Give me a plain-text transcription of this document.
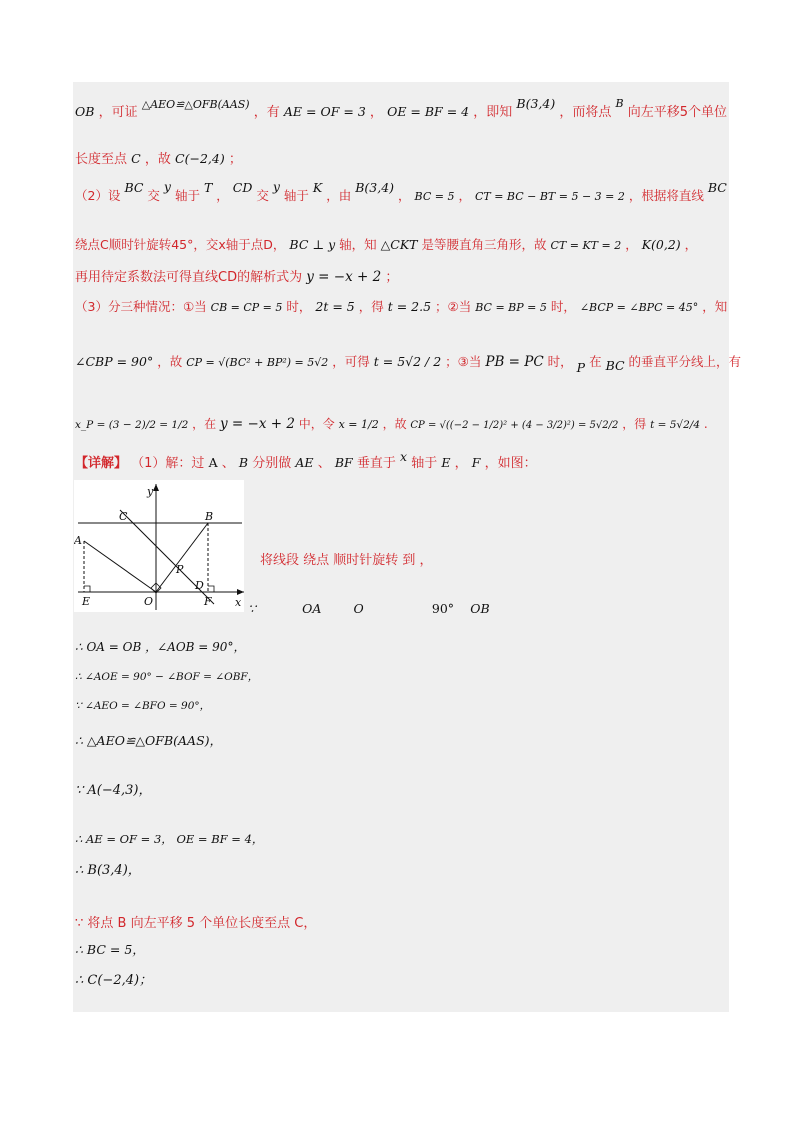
OB ，可证 $^{\triangle AEO≌\triangle OFB(AAS)}$ ，有 AE = OF = 3 ， OE = BF = 4 ，即知 B(3,4) ，而将点 $^B$ 向左平移5个单位
长度至点 C ，故 C(−2,4) ；
（2）设 BC 交 y 轴于 T ， CD 交 y 轴于 K ，由 B(3,4) ， BC = 5 ， CT = BC − BT = 5 − 3 = 2 ，根据将直线 BC
绕点C顺时针旋转45°，交x轴于点D， BC ⊥ y 轴，知 △CKT 是等腰直角三角形，故 CT = KT = 2 ， K(0,2) ，
再用待定系数法可得直线CD的解析式为 y = −x + 2 ；
（3）分三种情况：①当 CB = CP = 5 时， 2t = 5 ，得 t = 2.5 ；②当 BC = BP = 5 时， ∠BCP = ∠BPC = 45° ，知
∠CBP = 90° ，故 CP = √(BC² + BP²) = 5√2 ，可得 t = 5√2 / 2 ；③当 PB = PC 时， P 在 BC 的垂直平分线上，有
x_P = (3 − 2)/2 = 1/2 ，在 y = −x + 2 中，令 x = 1/2 ，故 CP = √((−2 − 1/2)² + (4 − 3/2)²) = 5√2/2 ，得 t = 5√2/4 .
【详解】 （1）解：过 A 、 B 分别做 AE 、 BF 垂直于 x 轴于 E ， F ，如图：
y
x
C	B
A
P
D
E	O	F
将线段 绕点 顺时针旋转 到 ，
∵	OA	O	90° OB
∴ OA = OB ，∠AOB = 90°，
∴ ∠AOE = 90° − ∠BOF = ∠OBF，
∵ ∠AEO = ∠BFO = 90°，
∴ △AEO≌△OFB(AAS)，
∵ A(−4,3)，
∴ AE = OF = 3， OE = BF = 4，
∴ B(3,4)，
∵ 将点 B 向左平移 5 个单位长度至点 C，
∴ BC = 5，
∴ C(−2,4)；
